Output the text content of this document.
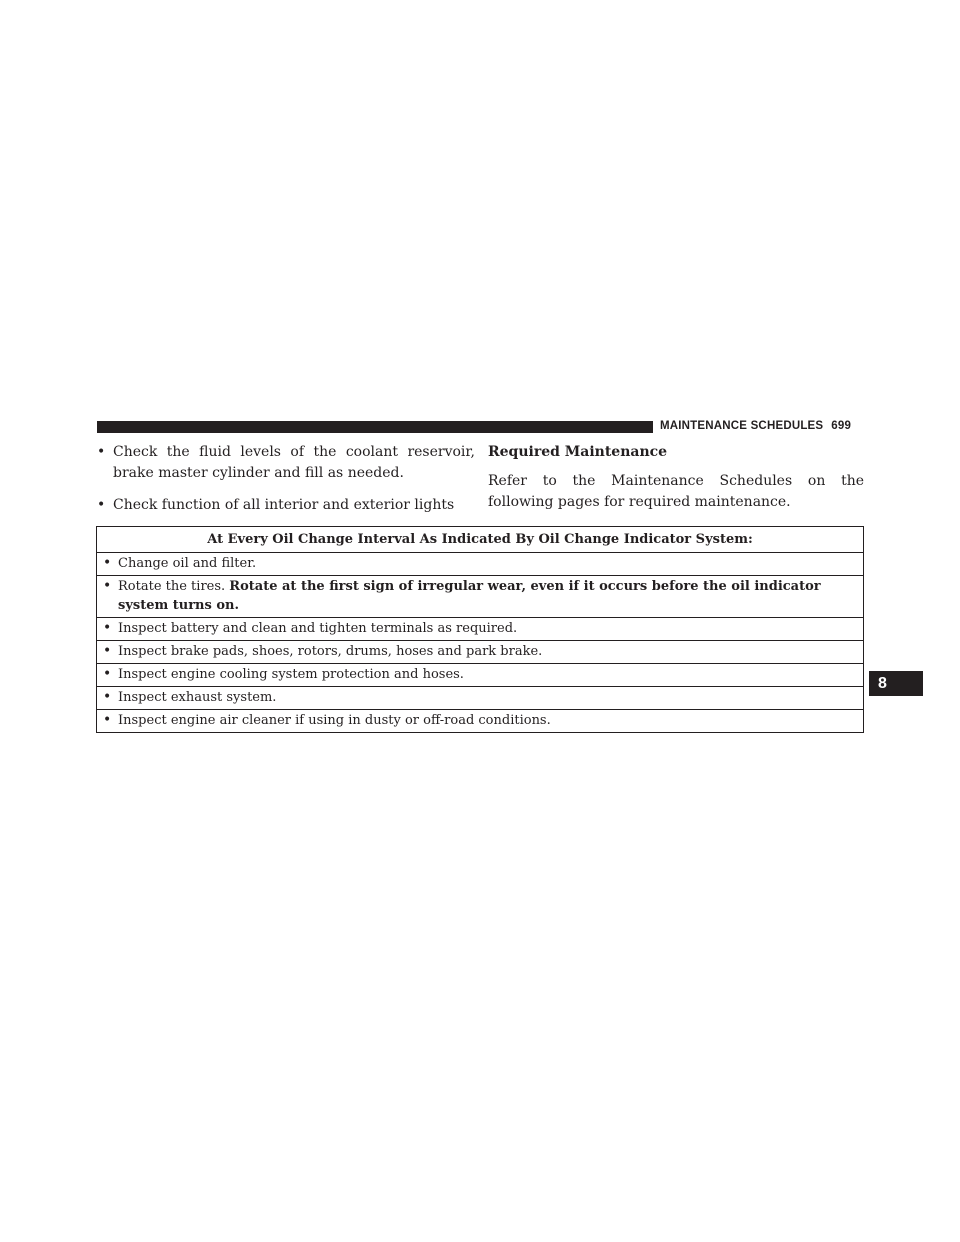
MAINTENANCE SCHEDULES 699
• Check the fluid levels of the coolant reservoir, brake master cylinder and fill as needed.
• Check function of all interior and exterior lights
Required Maintenance
Refer to the Maintenance Schedules on the following pages for required maintenance.
At Every Oil Change Interval As Indicated By Oil Change Indicator System:

• Change oil and filter.

• Rotate the tires. Rotate at the first sign of irregular wear, even if it occurs before the oil indicator system turns on.

• Inspect battery and clean and tighten terminals as required.

• Inspect brake pads, shoes, rotors, drums, hoses and park brake.

• Inspect engine cooling system protection and hoses.

• Inspect exhaust system.

• Inspect engine air cleaner if using in dusty or off-road conditions.
8
